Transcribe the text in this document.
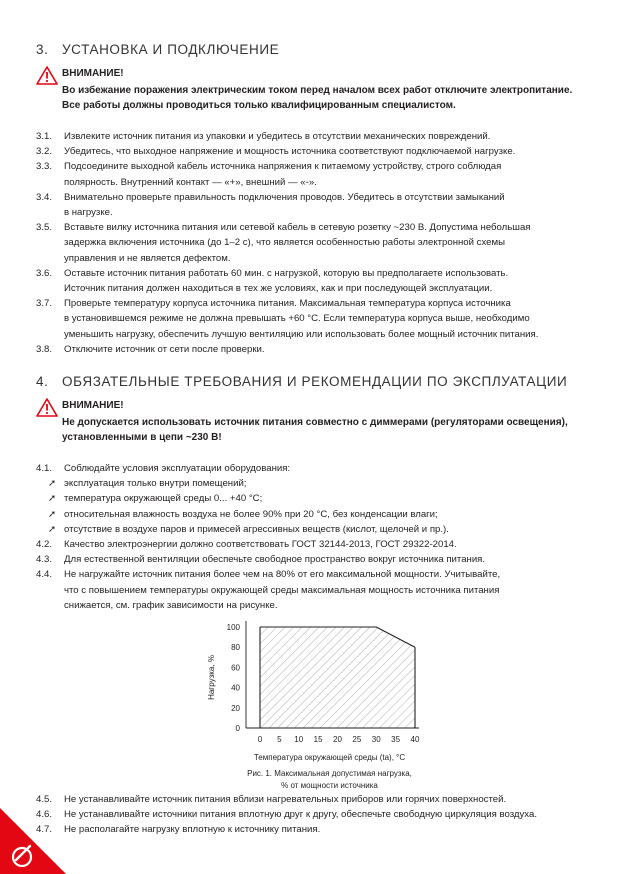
3. УСТАНОВКА И ПОДКЛЮЧЕНИЕ
ВНИМАНИЕ!
Во избежание поражения электрическим током перед началом всех работ отключите электропитание.
Все работы должны проводиться только квалифицированным специалистом.
3.1.	Извлеките источник питания из упаковки и убедитесь в отсутствии механических повреждений.
3.2.	Убедитесь, что выходное напряжение и мощность источника соответствуют подключаемой нагрузке.
3.3.	Подсоедините выходной кабель источника напряжения к питаемому устройству, строго соблюдая
полярность. Внутренний контакт — «+», внешний — «-».
3.4.	Внимательно проверьте правильность подключения проводов. Убедитесь в отсутствии замыканий
в нагрузке.
3.5.	Вставьте вилку источника питания или сетевой кабель в сетевую розетку ~230 В. Допустима небольшая
задержка включения источника (до 1–2 с), что является особенностью работы электронной схемы
управления и не является дефектом.
3.6.	Оставьте источник питания работать 60 мин. с нагрузкой, которую вы предполагаете использовать.
Источник питания должен находиться в тех же условиях, как и при последующей эксплуатации.
3.7.	Проверьте температуру корпуса источника питания. Максимальная температура корпуса источника
в установившемся режиме не должна превышать +60 °С. Если температура корпуса выше, необходимо
уменьшить нагрузку, обеспечить лучшую вентиляцию или использовать более мощный источник питания.
3.8.	Отключите источник от сети после проверки.
4. ОБЯЗАТЕЛЬНЫЕ ТРЕБОВАНИЯ И РЕКОМЕНДАЦИИ ПО ЭКСПЛУАТАЦИИ
ВНИМАНИЕ!
Не допускается использовать источник питания совместно с диммерами (регуляторами освещения),
установленными в цепи ~230 В!
4.1.	Соблюдайте условия эксплуатации оборудования:
➚ эксплуатация только внутри помещений;
➚ температура окружающей среды 0... +40 °С;
➚ относительная влажность воздуха не более 90% при 20 °С, без конденсации влаги;
➚ отсутствие в воздухе паров и примесей агрессивных веществ (кислот, щелочей и пр.).
4.2.	Качество электроэнергии должно соответствовать ГОСТ 32144-2013, ГОСТ 29322-2014.
4.3.	Для естественной вентиляции обеспечьте свободное пространство вокруг источника питания.
4.4.	Не нагружайте источник питания более чем на 80% от его максимальной мощности. Учитывайте,
что с повышением температуры окружающей среды максимальная мощность источника питания
снижается, см. график зависимости на рисунке.
0 5 10 15 20 25 30 35 40
0
20
40
60
80
100
Нагрузка, %
Температура окружающей среды (ta), °С
Рис. 1. Максимальная допустимая нагрузка,
% от мощности источника
4.5.	Не устанавливайте источник питания вблизи нагревательных приборов или горячих поверхностей.
4.6.	Не устанавливайте источники питания вплотную друг к другу, обеспечьте свободную циркуляция воздуха.
4.7.	Не располагайте нагрузку вплотную к источнику питания.
